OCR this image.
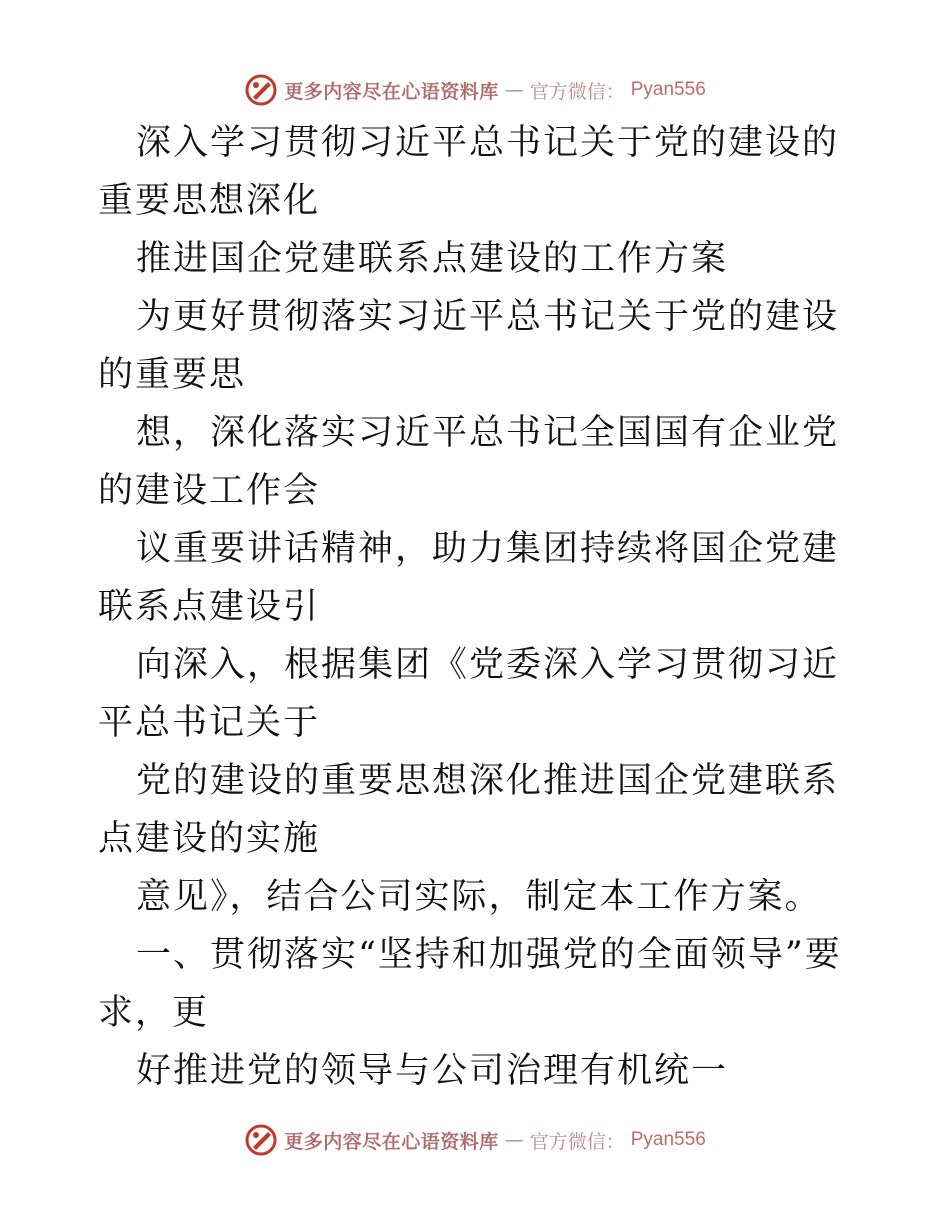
更多内容尽在心语资料库 — 官方微信： Pyan556

深入学习贯彻习近平总书记关于党的建设的重要思想深化

推进国企党建联系点建设的工作方案

为更好贯彻落实习近平总书记关于党的建设的重要思

想，深化落实习近平总书记全国国有企业党的建设工作会

议重要讲话精神，助力集团持续将国企党建联系点建设引

向深入，根据集团《党委深入学习贯彻习近平总书记关于

党的建设的重要思想深化推进国企党建联系点建设的实施

意见》，结合公司实际，制定本工作方案。

一、贯彻落实“坚持和加强党的全面领导”要求，更

好推进党的领导与公司治理有机统一

更多内容尽在心语资料库 — 官方微信： Pyan556
